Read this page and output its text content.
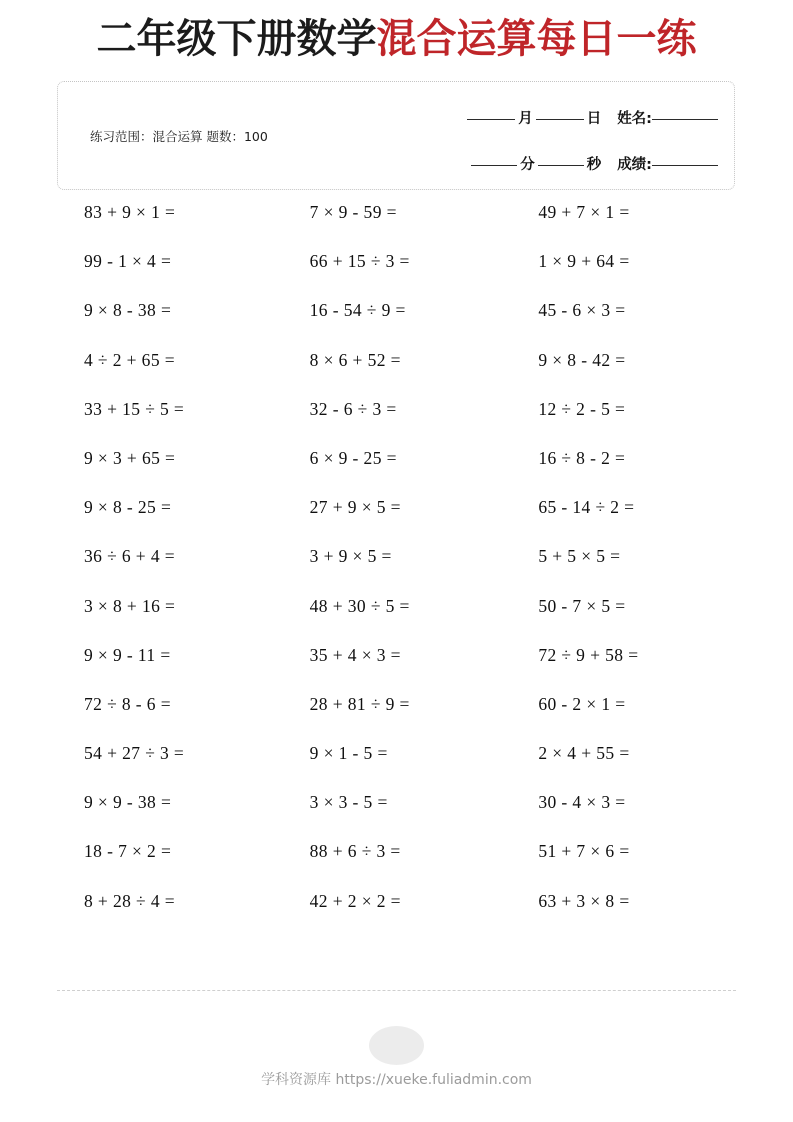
二年级下册数学混合运算每日一练
练习范围：混合运算 题数：100
月	日 姓名:
分	秒 成绩:
83 + 9 × 1 =	7 × 9 - 59 =	49 + 7 × 1 =
99 - 1 × 4 =	66 + 15 ÷ 3 =	1 × 9 + 64 =
9 × 8 - 38 =	16 - 54 ÷ 9 =	45 - 6 × 3 =
4 ÷ 2 + 65 =	8 × 6 + 52 =	9 × 8 - 42 =
33 + 15 ÷ 5 =	32 - 6 ÷ 3 =	12 ÷ 2 - 5 =
9 × 3 + 65 =	6 × 9 - 25 =	16 ÷ 8 - 2 =
9 × 8 - 25 =	27 + 9 × 5 =	65 - 14 ÷ 2 =
36 ÷ 6 + 4 =	3 + 9 × 5 =	5 + 5 × 5 =
3 × 8 + 16 =	48 + 30 ÷ 5 =	50 - 7 × 5 =
9 × 9 - 11 =	35 + 4 × 3 =	72 ÷ 9 + 58 =
72 ÷ 8 - 6 =	28 + 81 ÷ 9 =	60 - 2 × 1 =
54 + 27 ÷ 3 =	9 × 1 - 5 =	2 × 4 + 55 =
9 × 9 - 38 =	3 × 3 - 5 =	30 - 4 × 3 =
18 - 7 × 2 =	88 + 6 ÷ 3 =	51 + 7 × 6 =
8 + 28 ÷ 4 =	42 + 2 × 2 =	63 + 3 × 8 =
学科资源库 https://xueke.fuliadmin.com
